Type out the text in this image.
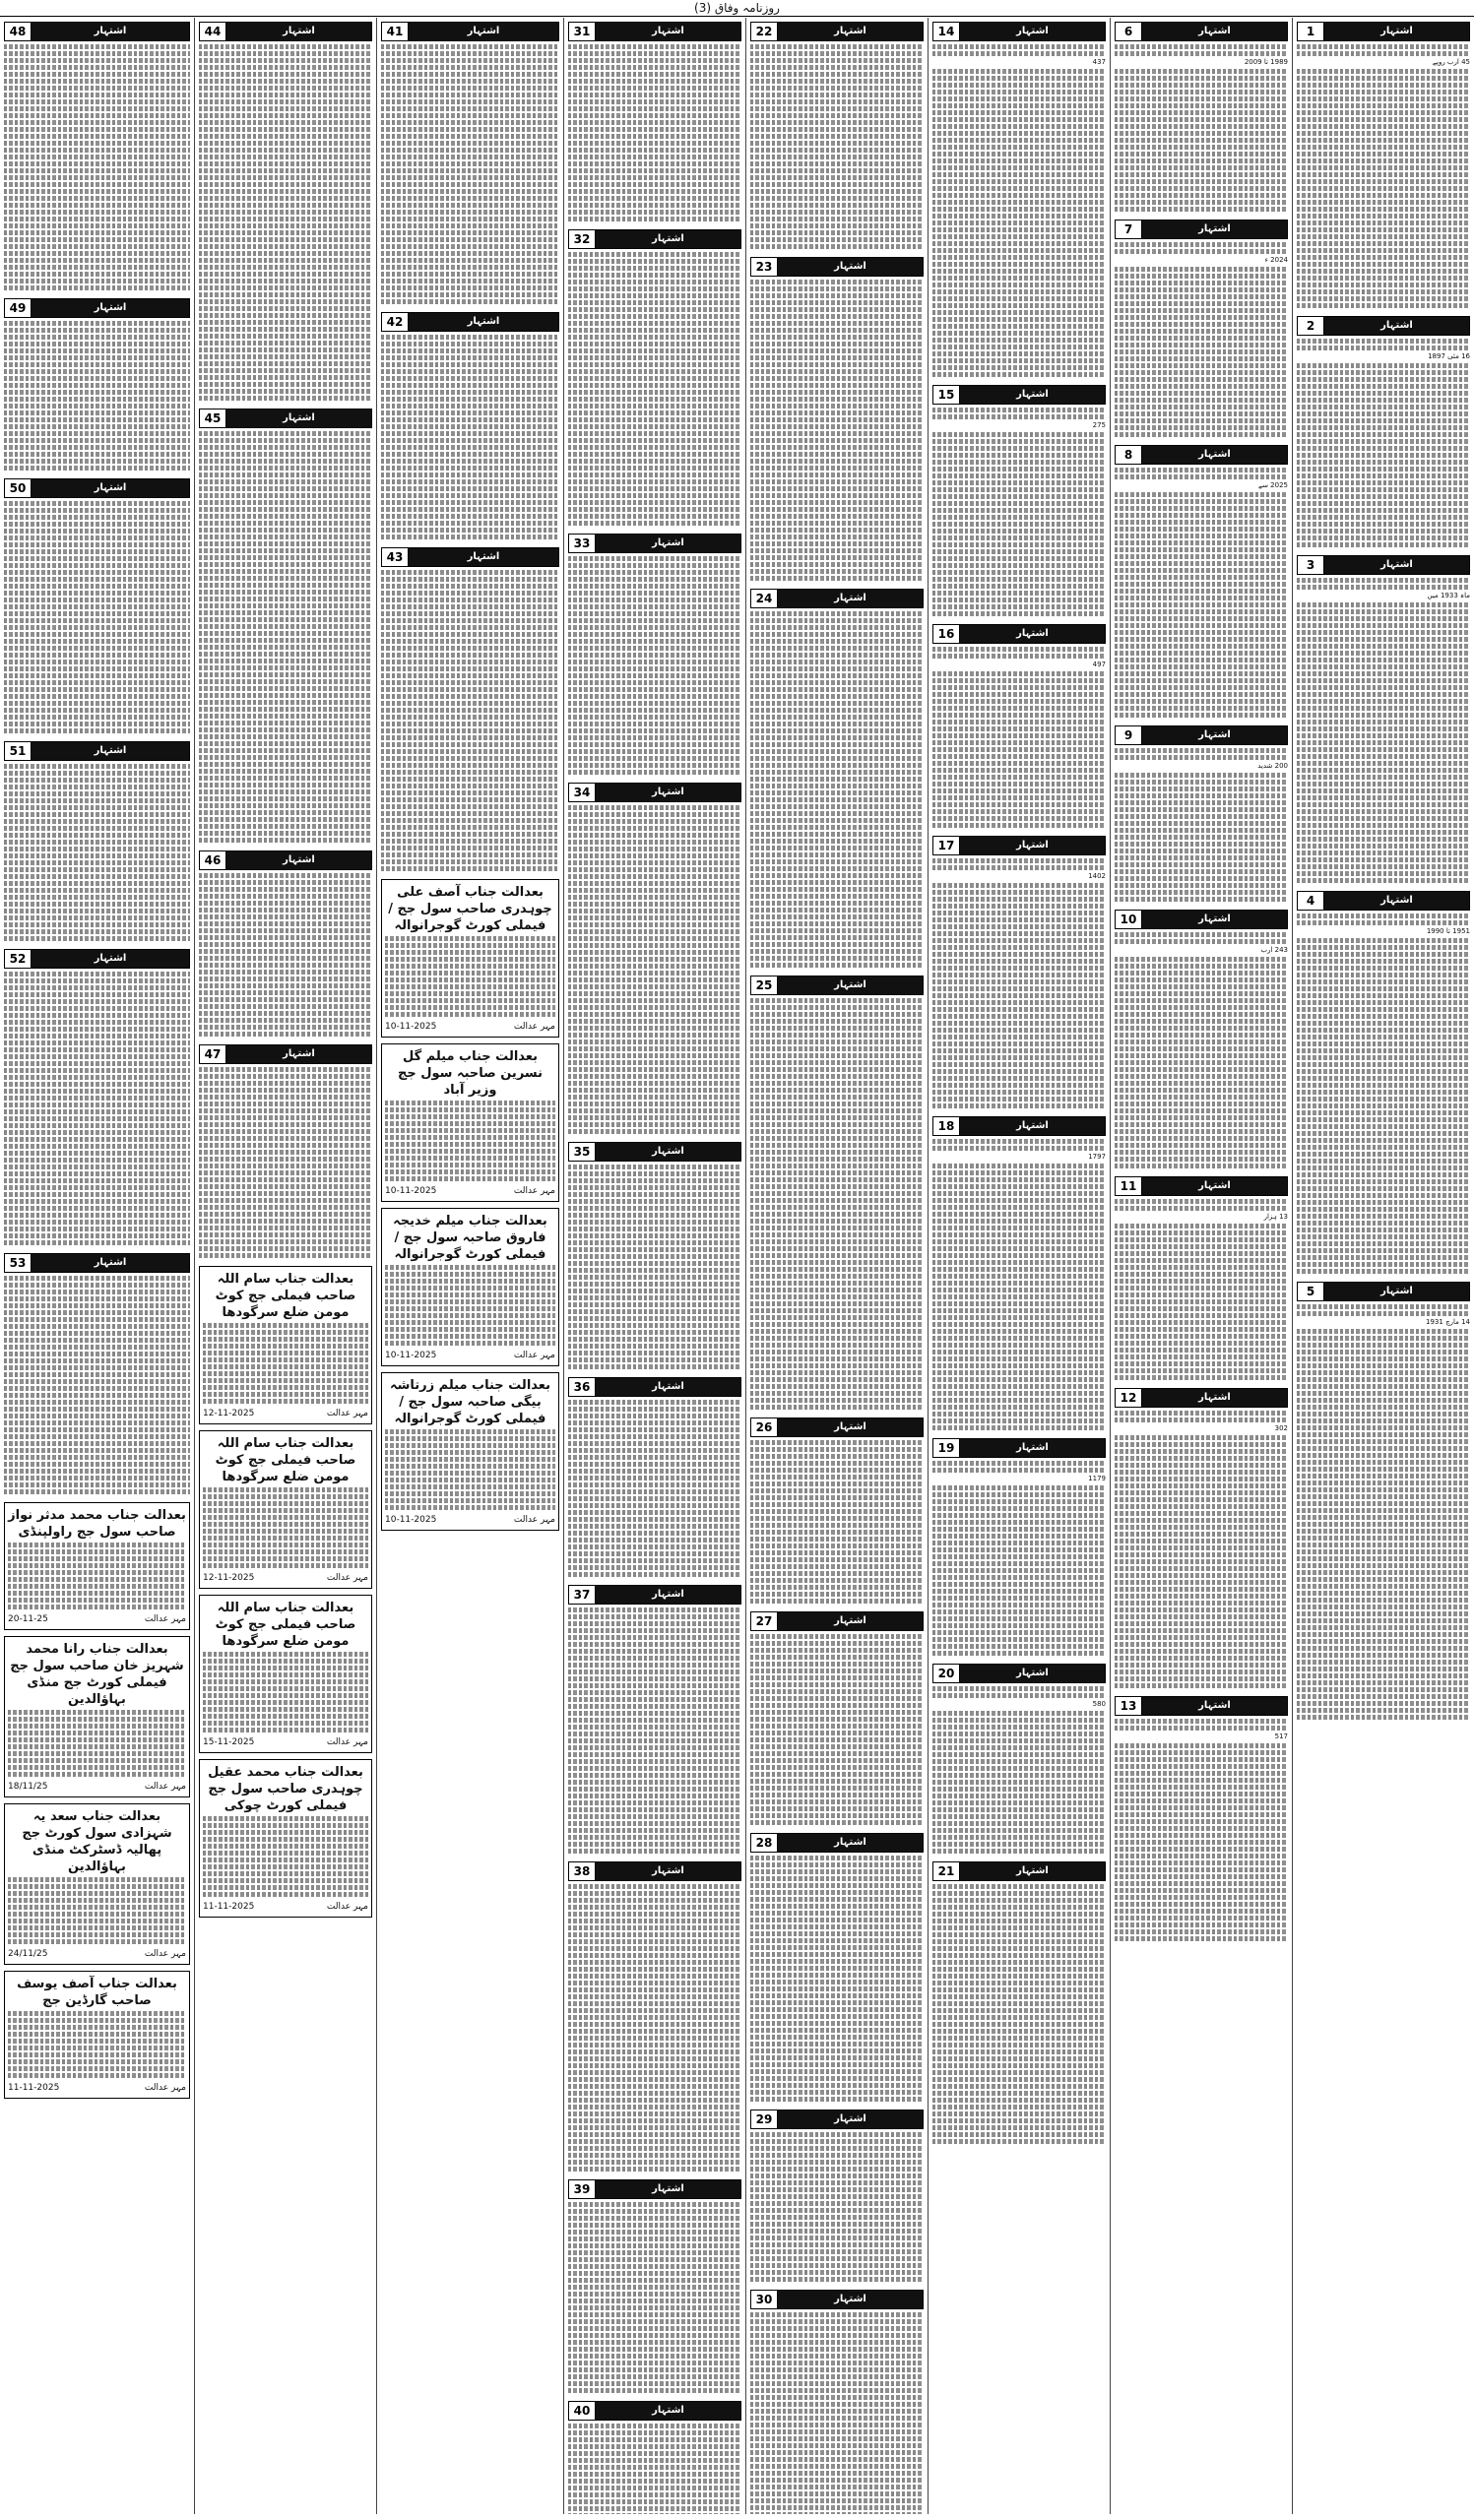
روزنامہ وفاق (3)
1	اشتہار
45 ارب روپے
2	اشتہار
16 مئی 1897
3	اشتہار
ماہ 1933 میں
4	اشتہار
1951 تا 1990
5	اشتہار
14 مارچ 1931
6	اشتہار
1989 تا 2009
7	اشتہار
2024 ء
8	اشتہار
2025 سے
9	اشتہار
200 شدید
10	اشتہار
243 ارب
11	اشتہار
13 ہزار
12	اشتہار
302
13	اشتہار
517
14	اشتہار
437
15	اشتہار
275
16	اشتہار
497
17	اشتہار
1402
18	اشتہار
1797
19	اشتہار
1179
20	اشتہار
580
21	اشتہار
22	اشتہار
23	اشتہار
24	اشتہار
25	اشتہار
26	اشتہار
27	اشتہار
28	اشتہار
29	اشتہار
30	اشتہار
31	اشتہار
32	اشتہار
33	اشتہار
34	اشتہار
35	اشتہار
36	اشتہار
37	اشتہار
38	اشتہار
39	اشتہار
40	اشتہار
41	اشتہار
42	اشتہار
43	اشتہار
بعدالت جناب آصف علی چوہدری صاحب سول جج / فیملی کورٹ گوجرانوالہ
مہر عدالت
10-11-2025
بعدالت جناب میلم گل نسرین صاحبہ سول جج وزیر آباد
مہر عدالت
10-11-2025
بعدالت جناب میلم خدیجہ فاروق صاحبہ سول جج / فیملی کورٹ گوجرانوالہ
مہر عدالت
10-11-2025
بعدالت جناب میلم زرتاشہ بیگی صاحبہ سول جج / فیملی کورٹ گوجرانوالہ
مہر عدالت
10-11-2025
44	اشتہار
45	اشتہار
46	اشتہار
47	اشتہار
بعدالت جناب سام اللہ صاحب فیملی جج کوٹ مومن ضلع سرگودھا
مہر عدالت
12-11-2025
بعدالت جناب سام اللہ صاحب فیملی جج کوٹ مومن ضلع سرگودھا
مہر عدالت
12-11-2025
بعدالت جناب سام اللہ صاحب فیملی جج کوٹ مومن ضلع سرگودھا
مہر عدالت
15-11-2025
بعدالت جناب محمد عقیل چوہدری صاحب سول جج فیملی کورٹ چوکی
مہر عدالت
11-11-2025
48	اشتہار
49	اشتہار
50	اشتہار
51	اشتہار
52	اشتہار
53	اشتہار
بعدالت جناب محمد مدثر نواز صاحب سول جج راولپنڈی
مہر عدالت
20-11-25
بعدالت جناب رانا محمد شہریز خان صاحب سول جج فیملی کورٹ جج منڈی بہاؤالدین
مہر عدالت
18/11/25
بعدالت جناب سعد یہ شہزادی سول کورٹ جج پھالیہ ڈسٹرکٹ منڈی بہاؤالدین
مہر عدالت
24/11/25
بعدالت جناب آصف یوسف صاحب گارڈین جج
مہر عدالت
11-11-2025
